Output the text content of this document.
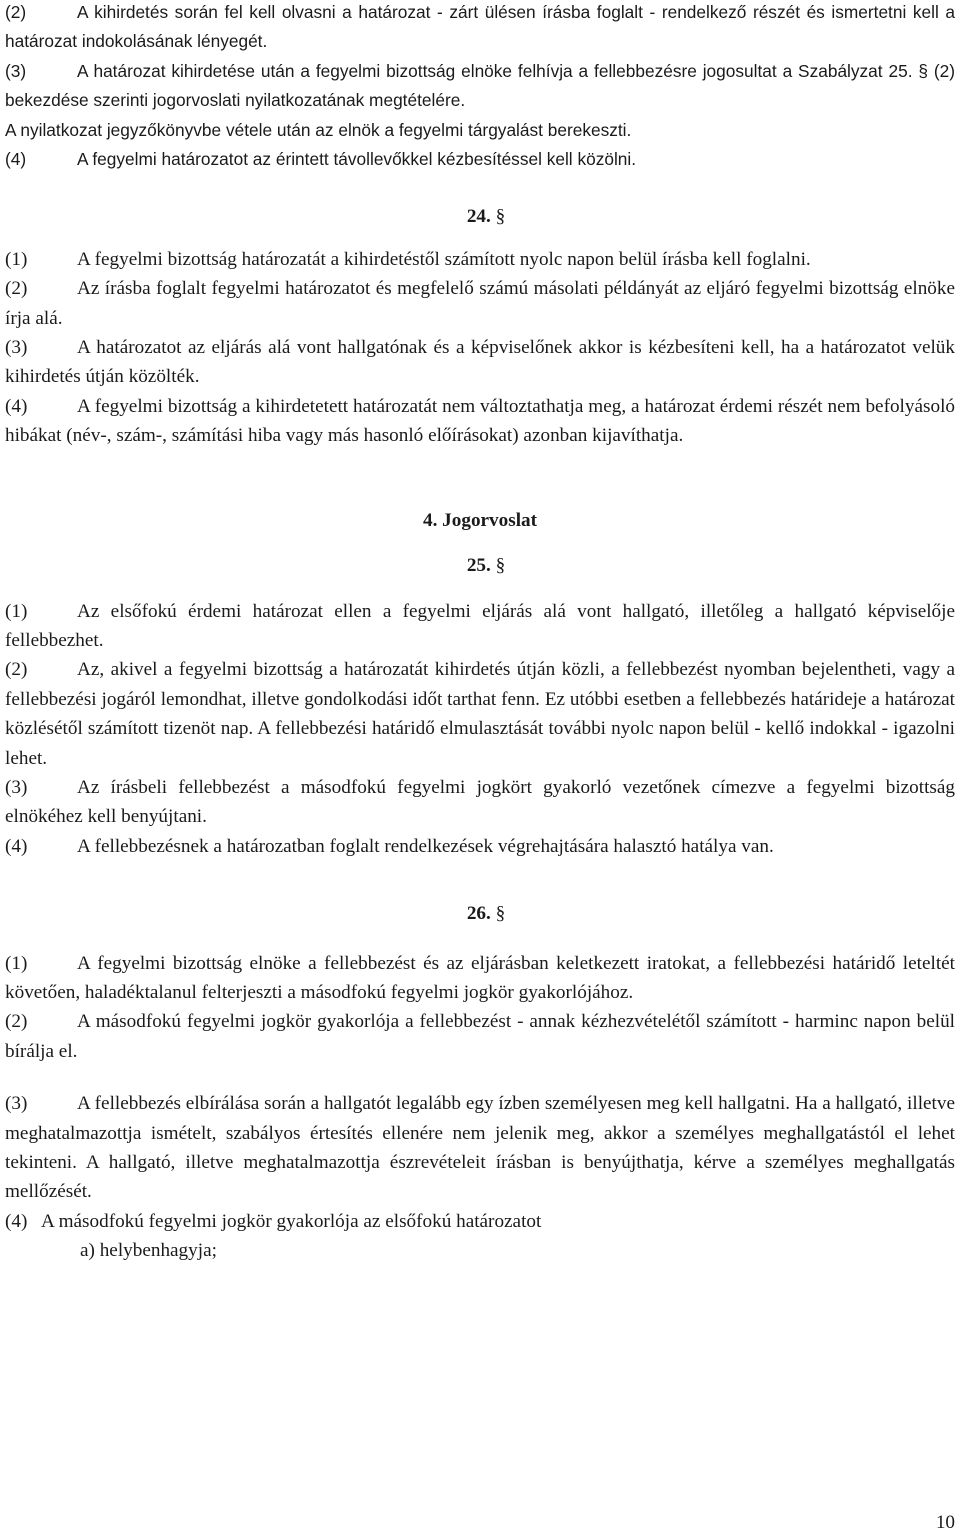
(2)	A kihirdetés során fel kell olvasni a határozat - zárt ülésen írásba foglalt - rendelkező részét és ismertetni kell a határozat indokolásának lényegét.

(3)	A határozat kihirdetése után a fegyelmi bizottság elnöke felhívja a fellebbezésre jogosultat a Szabályzat 25. § (2) bekezdése szerinti jogorvoslati nyilatkozatának megtételére.

A nyilatkozat jegyzőkönyvbe vétele után az elnök a fegyelmi tárgyalást berekeszti.

(4)	A fegyelmi határozatot az érintett távollevőkkel kézbesítéssel kell közölni.

24. §

(1)	A fegyelmi bizottság határozatát a kihirdetéstől számított nyolc napon belül írásba kell foglalni.

(2)	Az írásba foglalt fegyelmi határozatot és megfelelő számú másolati példányát az eljáró fegyelmi bizottság elnöke írja alá.

(3)	A határozatot az eljárás alá vont hallgatónak és a képviselőnek akkor is kézbesíteni kell, ha a határozatot velük kihirdetés útján közölték.

(4)	A fegyelmi bizottság a kihirdetetett határozatát nem változtathatja meg, a határozat érdemi részét nem befolyásoló hibákat (név-, szám-, számítási hiba vagy más hasonló előírásokat) azonban kijavíthatja.

4. Jogorvoslat

25. §

(1)	Az elsőfokú érdemi határozat ellen a fegyelmi eljárás alá vont hallgató, illetőleg a hallgató képviselője fellebbezhet.

(2)	Az, akivel a fegyelmi bizottság a határozatát kihirdetés útján közli, a fellebbezést nyomban bejelentheti, vagy a fellebbezési jogáról lemondhat, illetve gondolkodási időt tarthat fenn. Ez utóbbi esetben a fellebbezés határideje a határozat közlésétől számított tizenöt nap. A fellebbezési határidő elmulasztását további nyolc napon belül - kellő indokkal - igazolni lehet.

(3)	Az írásbeli fellebbezést a másodfokú fegyelmi jogkört gyakorló vezetőnek címezve a fegyelmi bizottság elnökéhez kell benyújtani.

(4)	A fellebbezésnek a határozatban foglalt rendelkezések végrehajtására halasztó hatálya van.

26. §

(1)	A fegyelmi bizottság elnöke a fellebbezést és az eljárásban keletkezett iratokat, a fellebbezési határidő leteltét követően, haladéktalanul felterjeszti a másodfokú fegyelmi jogkör gyakorlójához.

(2)	A másodfokú fegyelmi jogkör gyakorlója a fellebbezést - annak kézhezvételétől számított - harminc napon belül bírálja el.

(3)	A fellebbezés elbírálása során a hallgatót legalább egy ízben személyesen meg kell hallgatni. Ha a hallgató, illetve meghatalmazottja ismételt, szabályos értesítés ellenére nem jelenik meg, akkor a személyes meghallgatástól el lehet tekinteni. A hallgató, illetve meghatalmazottja észrevételeit írásban is benyújthatja, kérve a személyes meghallgatás mellőzését.

(4) A másodfokú fegyelmi jogkör gyakorlója az elsőfokú határozatot

a) helybenhagyja;

10
